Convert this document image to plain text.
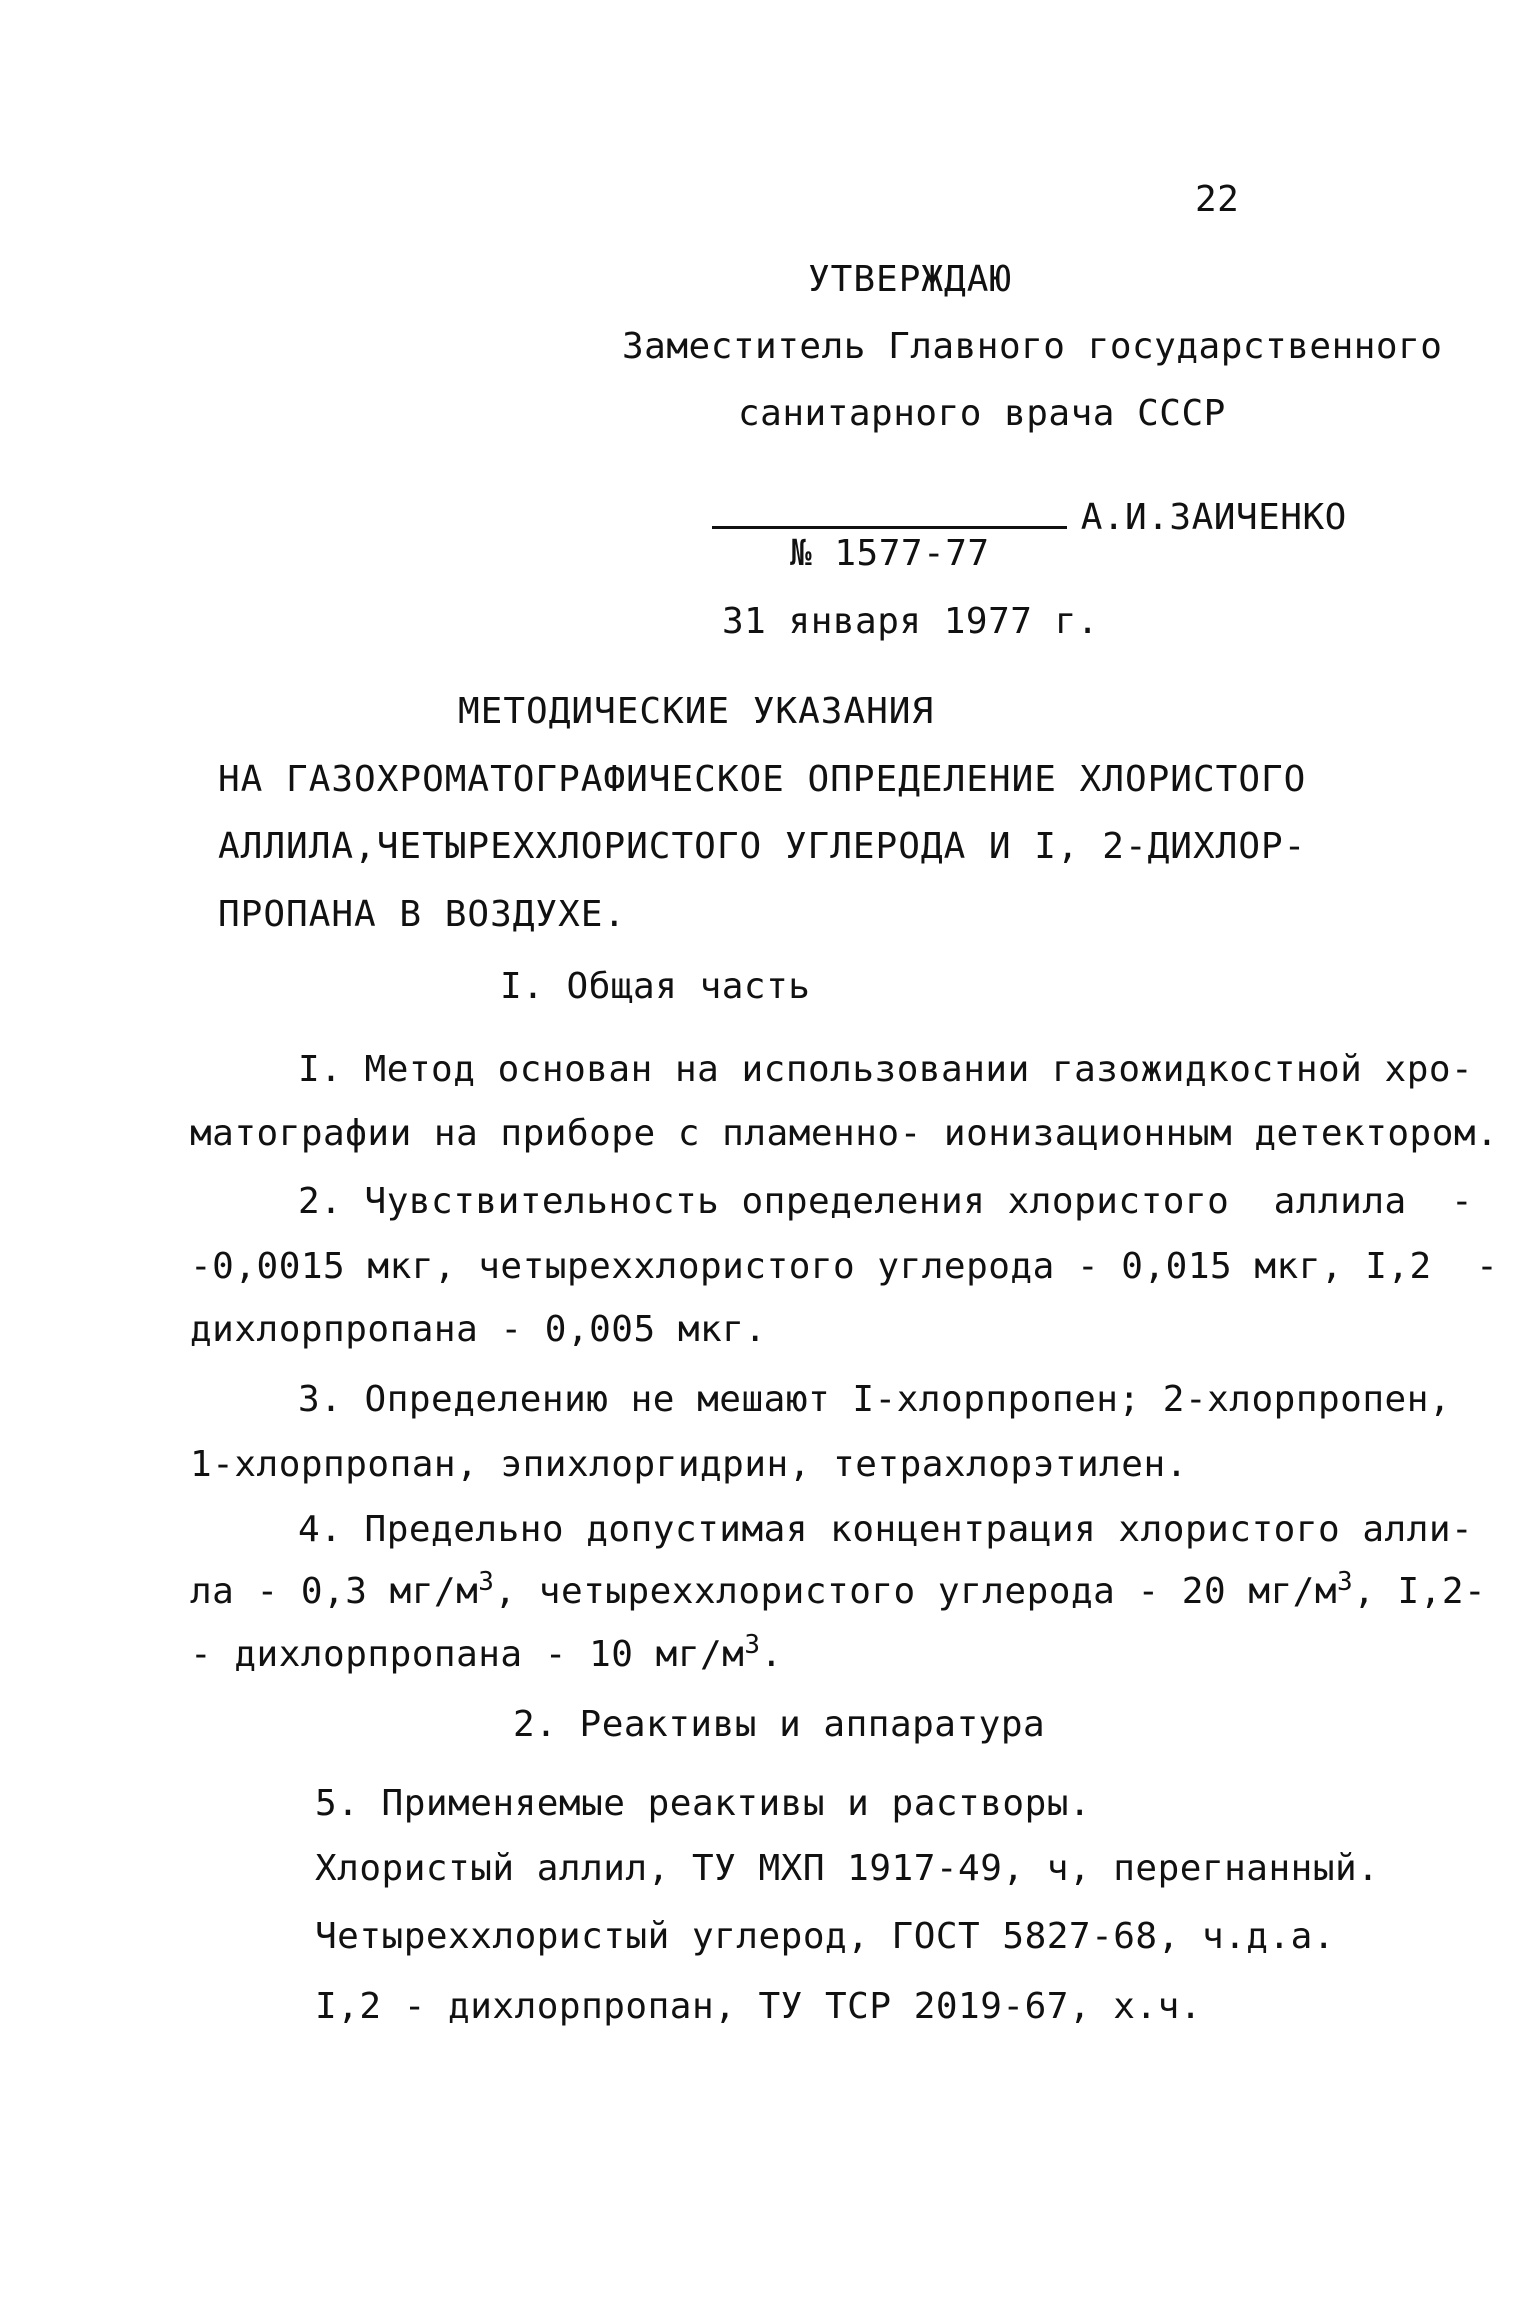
22
УТВЕРЖДАЮ
Заместитель Главного государственного
санитарного врача СССР

А.И.ЗАИЧЕНКО

№ 1577-77
31 января 1977 г.
МЕТОДИЧЕСКИЕ УКАЗАНИЯ
НА ГАЗОХРОМАТОГРАФИЧЕСКОЕ ОПРЕДЕЛЕНИЕ ХЛОРИСТОГО
АЛЛИЛА,ЧЕТЫРЕХХЛОРИСТОГО УГЛЕРОДА И I, 2-ДИХЛОР-
ПРОПАНА В ВОЗДУХЕ.
I. Общая часть
I. Метод основан на использовании газожидкостной хро-
матографии на приборе с пламенно- ионизационным детектором.
2. Чувствительность определения хлористого  аллила  -
-0,0015 мкг, четыреххлористого углерода - 0,015 мкг, I,2  -
дихлорпропана - 0,005 мкг.
3. Определению не мешают I-хлорпропен; 2-хлорпропен,
1-хлорпропан, эпихлоргидрин, тетрахлорэтилен.
4. Предельно допустимая концентрация хлористого алли-
ла - 0,3 $мг/м^3$, четыреххлористого углерода - 20 $мг/м^3$, I,2-
- дихлорпропана - 10 $мг/м^3$.
2. Реактивы и аппаратура
5. Применяемые реактивы и растворы.
Хлористый аллил, ТУ МХП 1917-49, ч, перегнанный.
Четыреххлористый углерод, ГОСТ 5827-68, ч.д.а.
I,2 - дихлорпропан, ТУ ТСР 2019-67, х.ч.
